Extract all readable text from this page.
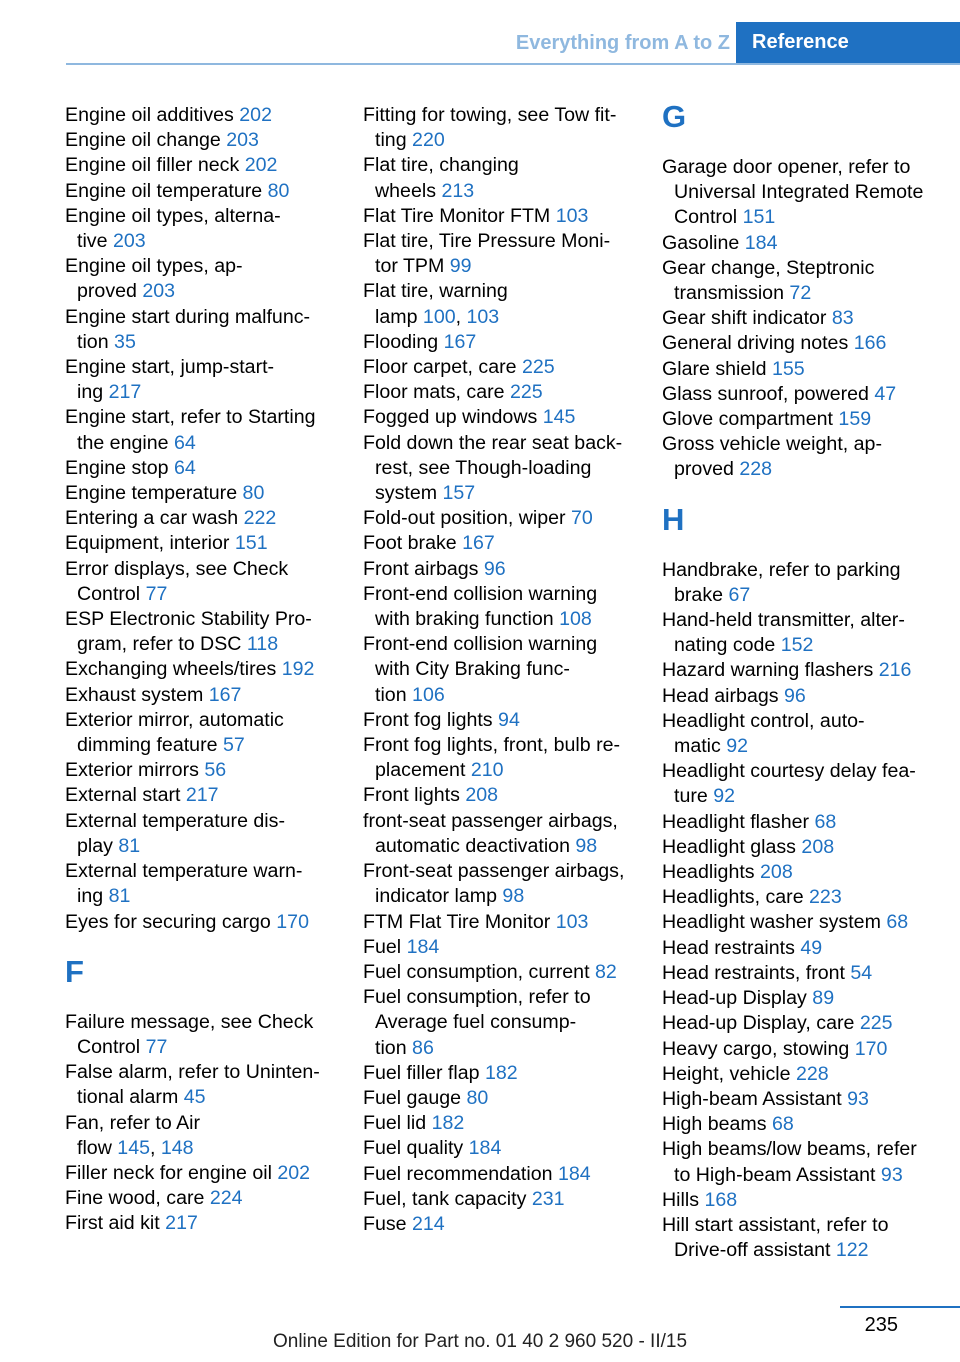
Everything from A to Z	Reference
Engine oil additives 202
Engine oil change 203
Engine oil filler neck 202
Engine oil temperature 80
Engine oil types, alterna-
tive 203
Engine oil types, ap-
proved 203
Engine start during malfunc-
tion 35
Engine start, jump-start-
ing 217
Engine start, refer to Starting
the engine 64
Engine stop 64
Engine temperature 80
Entering a car wash 222
Equipment, interior 151
Error displays, see Check
Control 77
ESP Electronic Stability Pro-
gram, refer to DSC 118
Exchanging wheels/tires 192
Exhaust system 167
Exterior mirror, automatic
dimming feature 57
Exterior mirrors 56
External start 217
External temperature dis-
play 81
External temperature warn-
ing 81
Eyes for securing cargo 170
F
Failure message, see Check
Control 77
False alarm, refer to Uninten-
tional alarm 45
Fan, refer to Air
flow 145, 148
Filler neck for engine oil 202
Fine wood, care 224
First aid kit 217
Fitting for towing, see Tow fit-
ting 220
Flat tire, changing
wheels 213
Flat Tire Monitor FTM 103
Flat tire, Tire Pressure Moni-
tor TPM 99
Flat tire, warning
lamp 100, 103
Flooding 167
Floor carpet, care 225
Floor mats, care 225
Fogged up windows 145
Fold down the rear seat back-
rest, see Though-loading
system 157
Fold-out position, wiper 70
Foot brake 167
Front airbags 96
Front-end collision warning
with braking function 108
Front-end collision warning
with City Braking func-
tion 106
Front fog lights 94
Front fog lights, front, bulb re-
placement 210
Front lights 208
front-seat passenger airbags,
automatic deactivation 98
Front-seat passenger airbags,
indicator lamp 98
FTM Flat Tire Monitor 103
Fuel 184
Fuel consumption, current 82
Fuel consumption, refer to
Average fuel consump-
tion 86
Fuel filler flap 182
Fuel gauge 80
Fuel lid 182
Fuel quality 184
Fuel recommendation 184
Fuel, tank capacity 231
Fuse 214
G
Garage door opener, refer to
Universal Integrated Remote
Control 151
Gasoline 184
Gear change, Steptronic
transmission 72
Gear shift indicator 83
General driving notes 166
Glare shield 155
Glass sunroof, powered 47
Glove compartment 159
Gross vehicle weight, ap-
proved 228
H
Handbrake, refer to parking
brake 67
Hand-held transmitter, alter-
nating code 152
Hazard warning flashers 216
Head airbags 96
Headlight control, auto-
matic 92
Headlight courtesy delay fea-
ture 92
Headlight flasher 68
Headlight glass 208
Headlights 208
Headlights, care 223
Headlight washer system 68
Head restraints 49
Head restraints, front 54
Head-up Display 89
Head-up Display, care 225
Heavy cargo, stowing 170
Height, vehicle 228
High-beam Assistant 93
High beams 68
High beams/low beams, refer
to High-beam Assistant 93
Hills 168
Hill start assistant, refer to
Drive-off assistant 122
235
Online Edition for Part no. 01 40 2 960 520 - II/15
